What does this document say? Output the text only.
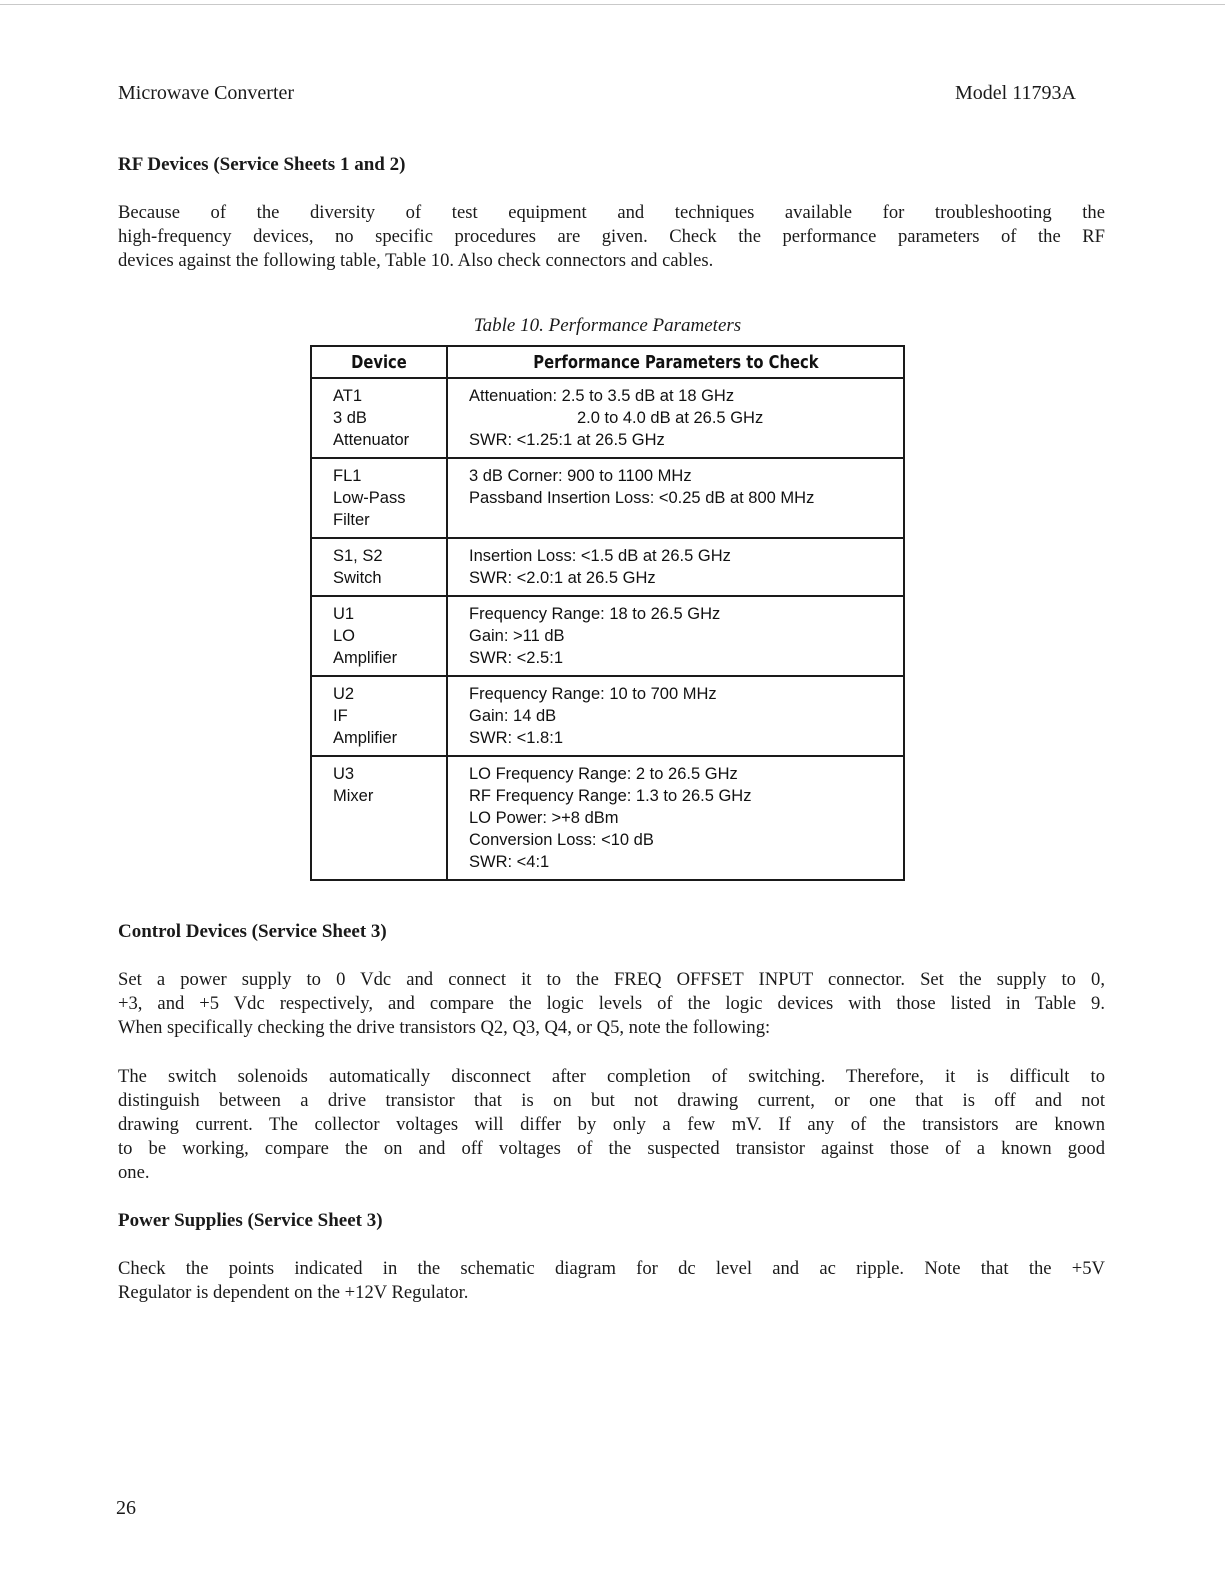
Microwave Converter	Model 11793A
RF Devices (Service Sheets 1 and 2)

Because of the diversity of test equipment and techniques available for troubleshooting the
high-frequency devices, no specific procedures are given. Check the performance parameters of the RF
devices against the following table, Table 10. Also check connectors and cables.

Table 10. Performance Parameters
Device	Performance Parameters to Check

AT1
3 dB
Attenuator	Attenuation: 2.5 to 3.5 dB at 18 GHz
2.0 to 4.0 dB at 26.5 GHz
SWR: <1.25:1 at 26.5 GHz

FL1
Low-Pass
Filter	3 dB Corner: 900 to 1100 MHz
Passband Insertion Loss: <0.25 dB at 800 MHz

S1, S2
Switch	Insertion Loss: <1.5 dB at 26.5 GHz
SWR: <2.0:1 at 26.5 GHz

U1
LO
Amplifier	Frequency Range: 18 to 26.5 GHz
Gain: >11 dB
SWR: <2.5:1

U2
IF
Amplifier	Frequency Range: 10 to 700 MHz
Gain: 14 dB
SWR: <1.8:1

U3
Mixer	LO Frequency Range: 2 to 26.5 GHz
RF Frequency Range: 1.3 to 26.5 GHz
LO Power: >+8 dBm
Conversion Loss: <10 dB
SWR: <4:1
Control Devices (Service Sheet 3)

Set a power supply to 0 Vdc and connect it to the FREQ OFFSET INPUT connector. Set the supply to 0,
+3, and +5 Vdc respectively, and compare the logic levels of the logic devices with those listed in Table 9.
When specifically checking the drive transistors Q2, Q3, Q4, or Q5, note the following:

The switch solenoids automatically disconnect after completion of switching. Therefore, it is difficult to
distinguish between a drive transistor that is on but not drawing current, or one that is off and not
drawing current. The collector voltages will differ by only a few mV. If any of the transistors are known
to be working, compare the on and off voltages of the suspected transistor against those of a known good
one.

Power Supplies (Service Sheet 3)

Check the points indicated in the schematic diagram for dc level and ac ripple. Note that the +5V
Regulator is dependent on the +12V Regulator.

26
